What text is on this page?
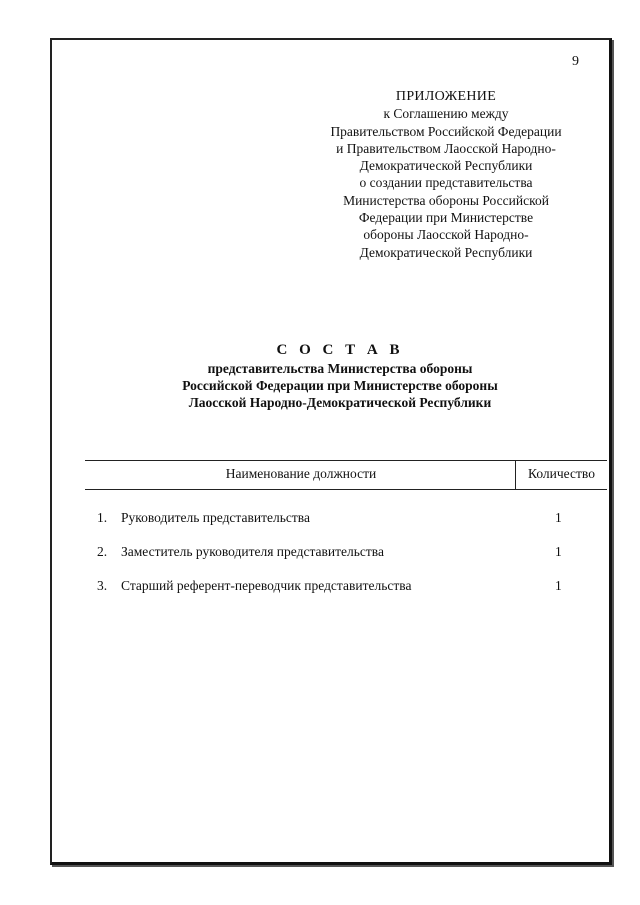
9
ПРИЛОЖЕНИЕ
к Соглашению между
Правительством Российской Федерации
и Правительством Лаосской Народно-
Демократической Республики
о создании представительства
Министерства обороны Российской
Федерации при Министерстве
обороны Лаосской Народно-
Демократической Республики
С О С Т А В
представительства Министерства обороны
Российской Федерации при Министерстве обороны
Лаосской Народно-Демократической Республики
Наименование должности	Количество
1. Руководитель представительства	1
2. Заместитель руководителя представительства	1
3. Старший референт-переводчик представительства	1
